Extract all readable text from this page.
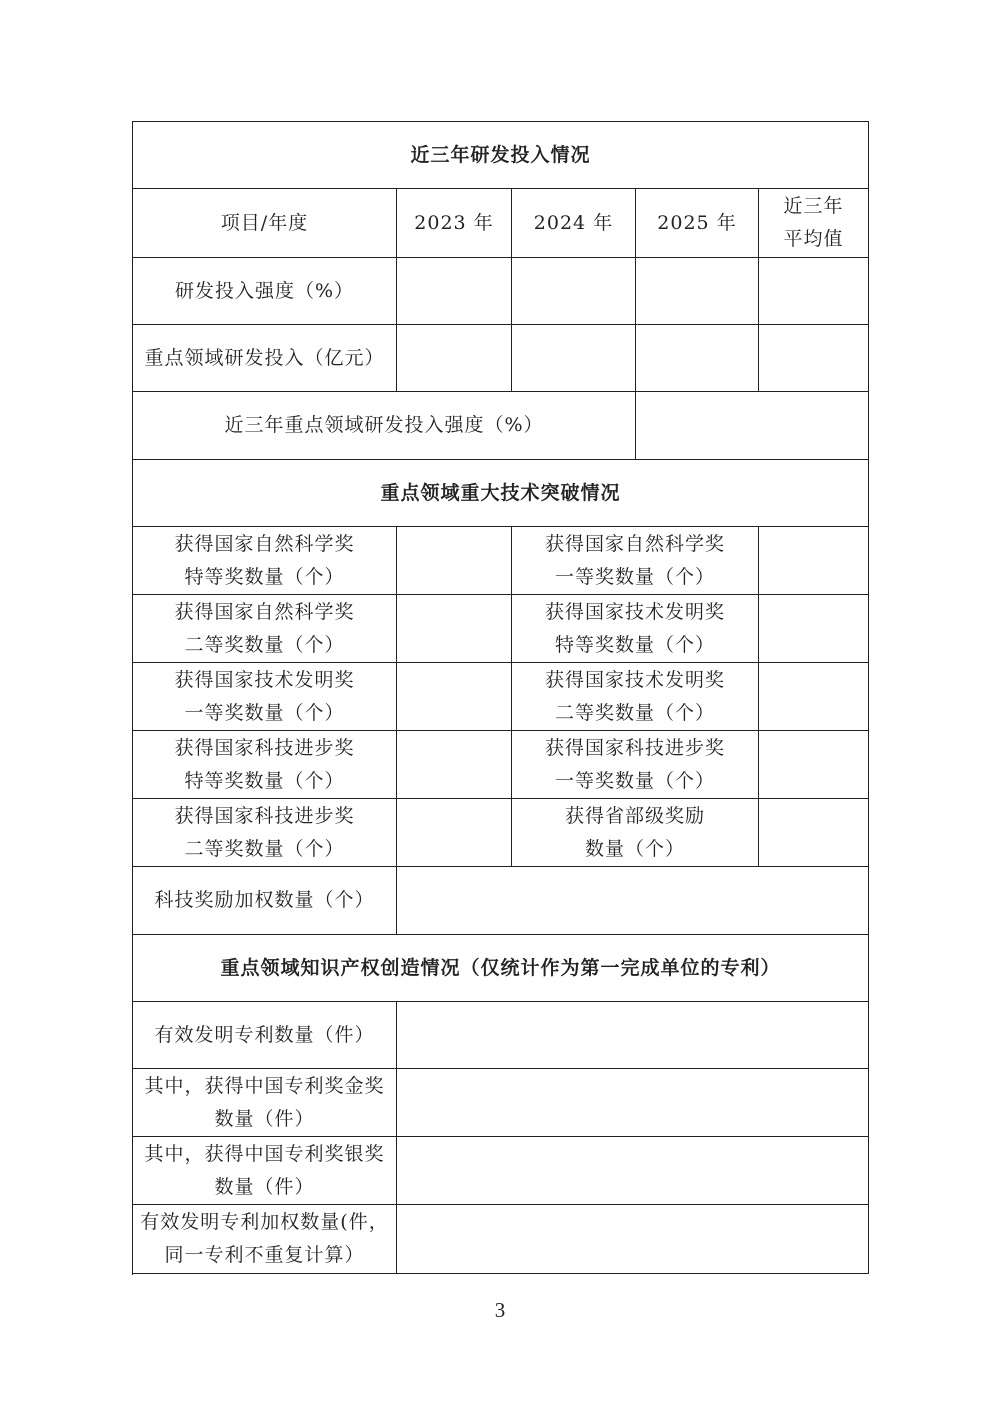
近三年研发投入情况
项目/年度	2023 年 2024 年 2025 年
近三年
平均值
研发投入强度（%）
重点领域研发投入（亿元）
近三年重点领域研发投入强度（%）
重点领域重大技术突破情况
获得国家自然科学奖
特等奖数量（个）
获得国家自然科学奖
一等奖数量（个）
获得国家自然科学奖
二等奖数量（个）
获得国家技术发明奖
特等奖数量（个）
获得国家技术发明奖
一等奖数量（个）
获得国家技术发明奖
二等奖数量（个）
获得国家科技进步奖
特等奖数量（个）
获得国家科技进步奖
一等奖数量（个）
获得国家科技进步奖
二等奖数量（个）
获得省部级奖励
数量（个）
科技奖励加权数量（个）
重点领域知识产权创造情况（仅统计作为第一完成单位的专利）
有效发明专利数量（件）
其中，获得中国专利奖金奖
数量（件）
其中，获得中国专利奖银奖
数量（件）
有效发明专利加权数量(件，
同一专利不重复计算）
3
